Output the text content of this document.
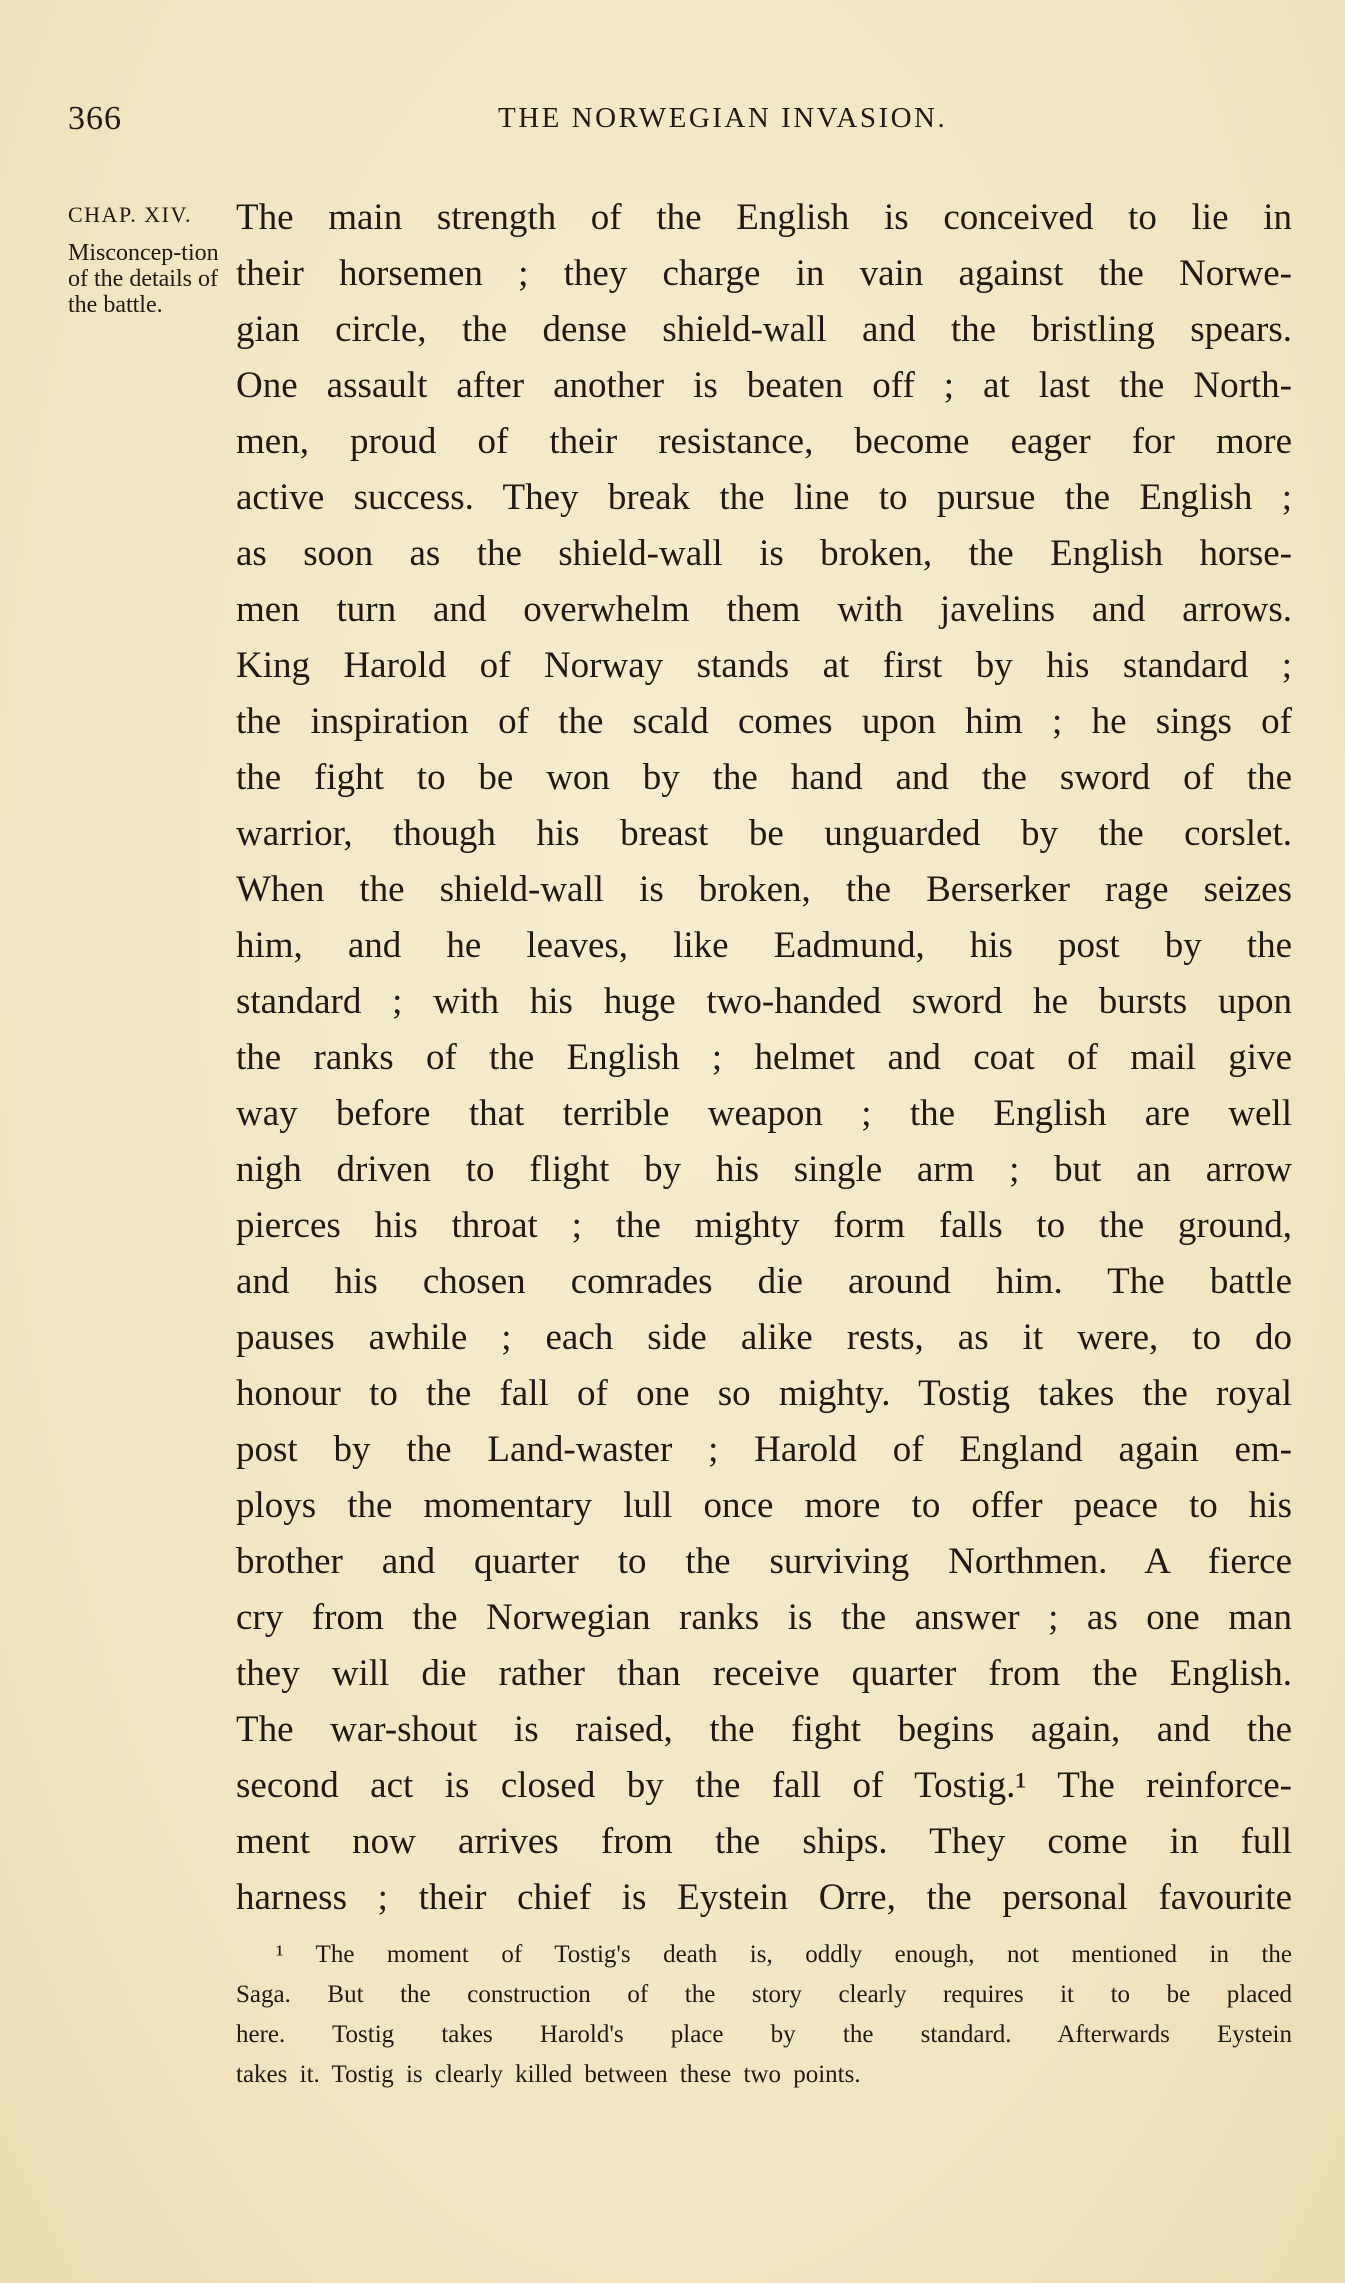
366	THE NORWEGIAN INVASION.
CHAP. XIV.
Misconcep-tion of the details of the battle.
The main strength of the English is conceived to lie in
their horsemen ; they charge in vain against the Norwe-
gian circle, the dense shield-wall and the bristling spears.
One assault after another is beaten off ; at last the North-
men, proud of their resistance, become eager for more
active success. They break the line to pursue the English ;
as soon as the shield-wall is broken, the English horse-
men turn and overwhelm them with javelins and arrows.
King Harold of Norway stands at first by his standard ;
the inspiration of the scald comes upon him ; he sings of
the fight to be won by the hand and the sword of the
warrior, though his breast be unguarded by the corslet.
When the shield-wall is broken, the Berserker rage seizes
him, and he leaves, like Eadmund, his post by the
standard ; with his huge two-handed sword he bursts upon
the ranks of the English ; helmet and coat of mail give
way before that terrible weapon ; the English are well
nigh driven to flight by his single arm ; but an arrow
pierces his throat ; the mighty form falls to the ground,
and his chosen comrades die around him. The battle
pauses awhile ; each side alike rests, as it were, to do
honour to the fall of one so mighty. Tostig takes the royal
post by the Land-waster ; Harold of England again em-
ploys the momentary lull once more to offer peace to his
brother and quarter to the surviving Northmen. A fierce
cry from the Norwegian ranks is the answer ; as one man
they will die rather than receive quarter from the English.
The war-shout is raised, the fight begins again, and the
second act is closed by the fall of Tostig.¹ The reinforce-
ment now arrives from the ships. They come in full
harness ; their chief is Eystein Orre, the personal favourite
¹ The moment of Tostig's death is, oddly enough, not mentioned in the
Saga. But the construction of the story clearly requires it to be placed
here. Tostig takes Harold's place by the standard. Afterwards Eystein
takes it. Tostig is clearly killed between these two points.
